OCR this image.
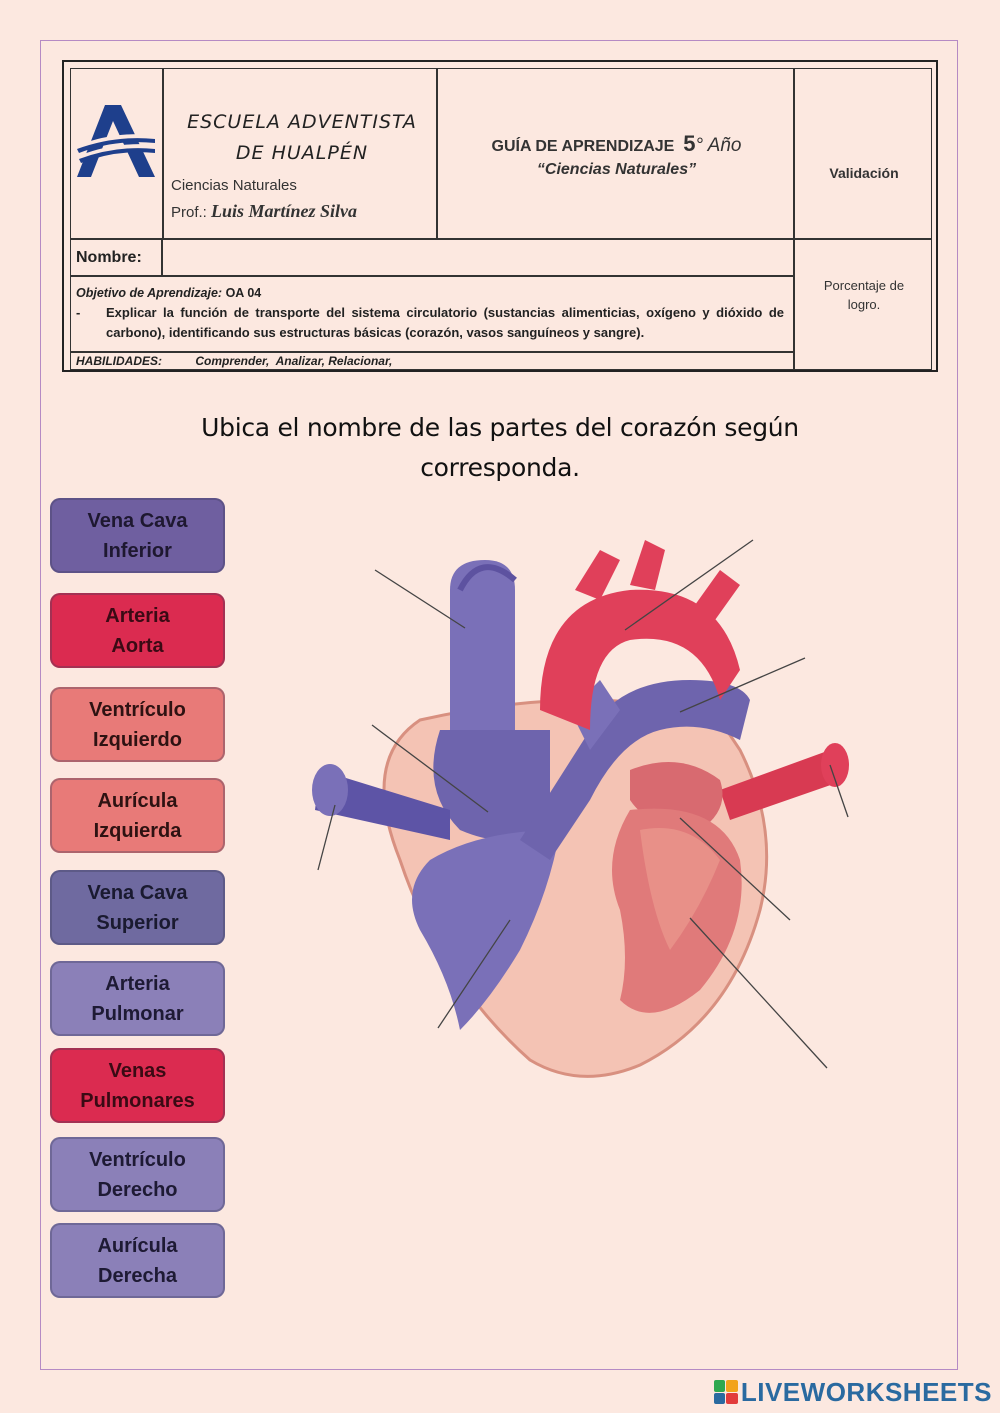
ESCUELA ADVENTISTA
DE HUALPÉN
Ciencias Naturales
Prof.: Luis Martínez Silva
GUÍA DE APRENDIZAJE 5° Año
“Ciencias Naturales”	Validación
Nombre:
Porcentaje de logro.
Objetivo de Aprendizaje: OA 04
- Explicar la función de transporte del sistema circulatorio (sustancias alimenticias, oxígeno y dióxido de carbono), identificando sus estructuras básicas (corazón, vasos sanguíneos y sangre).
HABILIDADES:	Comprender,  Analizar, Relacionar,
Ubica el nombre de las partes del corazón según
corresponda.
Vena Cava
Inferior
Arteria
Aorta
Ventrículo
Izquierdo
Aurícula
Izquierda
Vena Cava
Superior
Arteria
Pulmonar
Venas
Pulmonares
Ventrículo
Derecho
Aurícula
Derecha
LIVEWORKSHEETS
